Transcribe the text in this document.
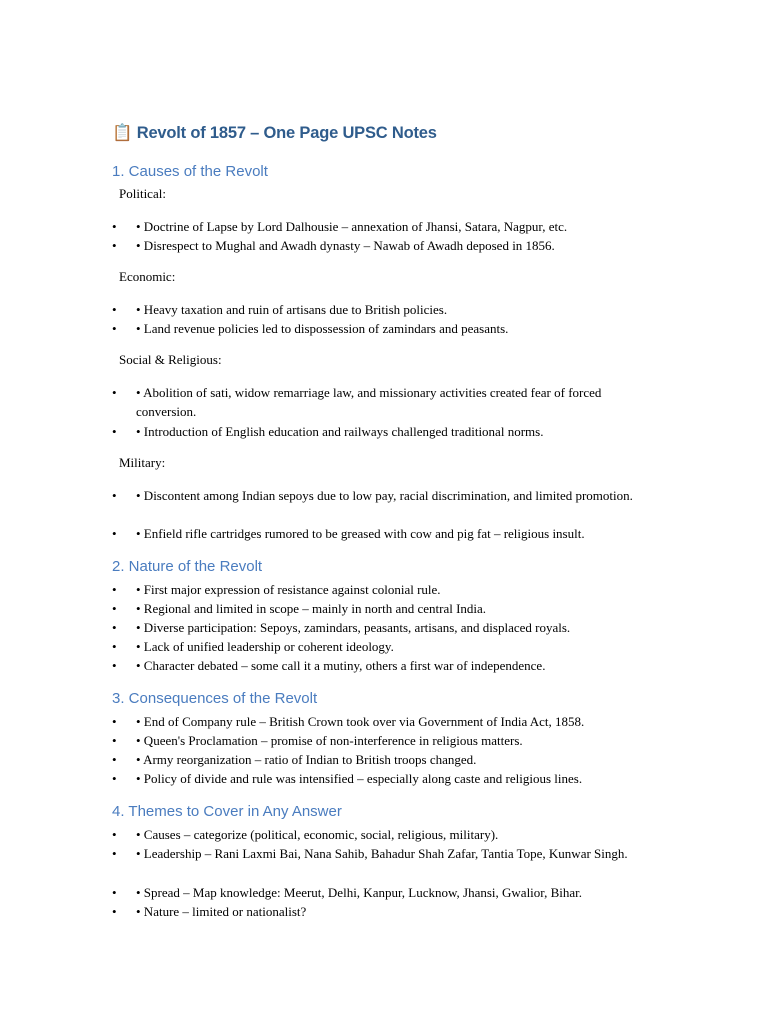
📋 Revolt of 1857 – One Page UPSC Notes
1. Causes of the Revolt
Political:
• • Doctrine of Lapse by Lord Dalhousie – annexation of Jhansi, Satara, Nagpur, etc.
• • Disrespect to Mughal and Awadh dynasty – Nawab of Awadh deposed in 1856.
Economic:
• • Heavy taxation and ruin of artisans due to British policies.
• • Land revenue policies led to dispossession of zamindars and peasants.
Social & Religious:
• • Abolition of sati, widow remarriage law, and missionary activities created fear of forced conversion.
• • Introduction of English education and railways challenged traditional norms.
Military:
• • Discontent among Indian sepoys due to low pay, racial discrimination, and limited promotion.
• • Enfield rifle cartridges rumored to be greased with cow and pig fat – religious insult.
2. Nature of the Revolt
• • First major expression of resistance against colonial rule.
• • Regional and limited in scope – mainly in north and central India.
• • Diverse participation: Sepoys, zamindars, peasants, artisans, and displaced royals.
• • Lack of unified leadership or coherent ideology.
• • Character debated – some call it a mutiny, others a first war of independence.
3. Consequences of the Revolt
• • End of Company rule – British Crown took over via Government of India Act, 1858.
• • Queen's Proclamation – promise of non-interference in religious matters.
• • Army reorganization – ratio of Indian to British troops changed.
• • Policy of divide and rule was intensified – especially along caste and religious lines.
4. Themes to Cover in Any Answer
• • Causes – categorize (political, economic, social, religious, military).
• • Leadership – Rani Laxmi Bai, Nana Sahib, Bahadur Shah Zafar, Tantia Tope, Kunwar Singh.
• • Spread – Map knowledge: Meerut, Delhi, Kanpur, Lucknow, Jhansi, Gwalior, Bihar.
• • Nature – limited or nationalist?
